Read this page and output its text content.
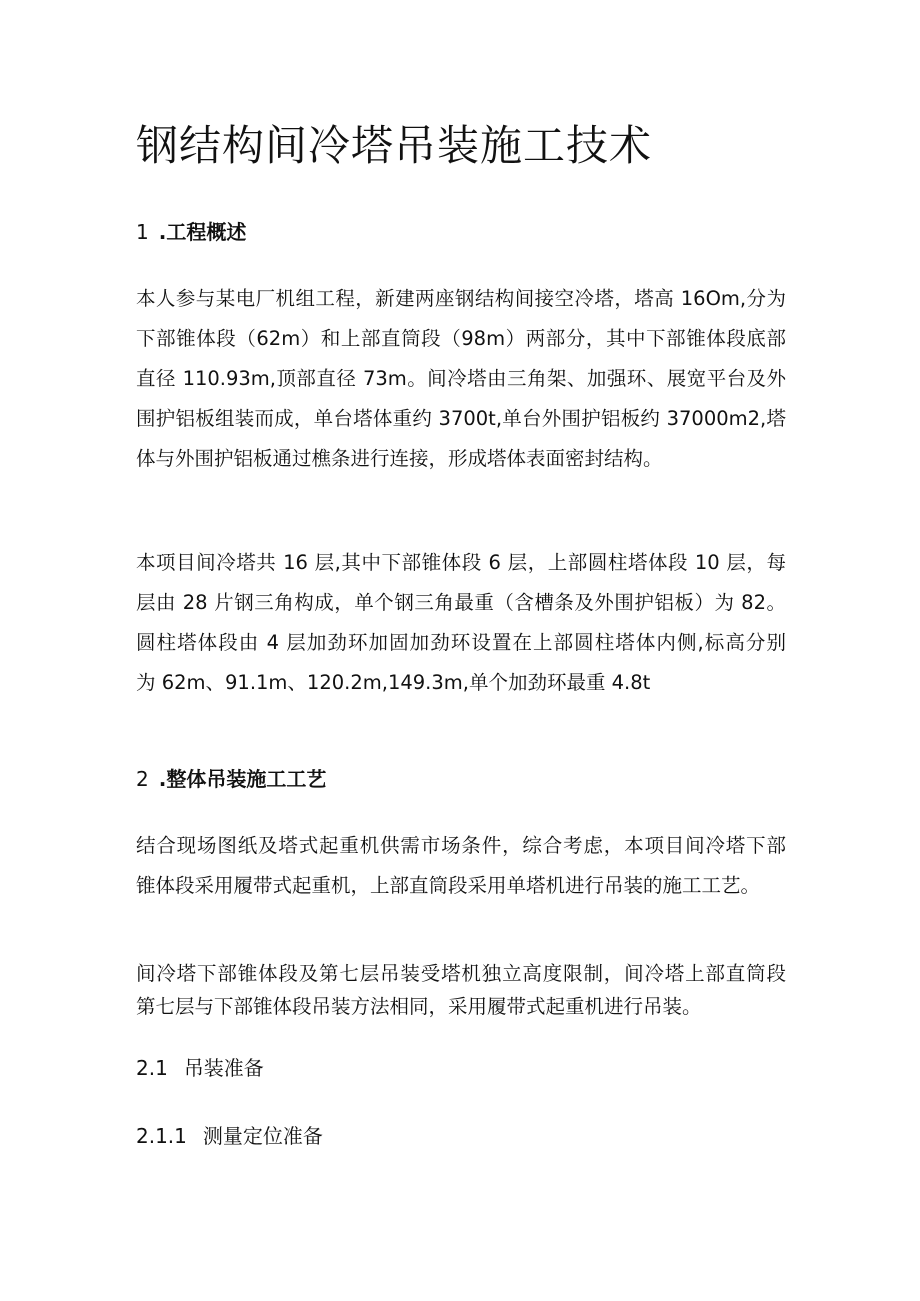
钢结构间冷塔吊装施工技术
1 .工程概述
本人参与某电厂机组工程，新建两座钢结构间接空冷塔，塔高 16Om,分为
下部锥体段（62m）和上部直筒段（98m）两部分，其中下部锥体段底部
直径 110.93m,顶部直径 73m。间冷塔由三角架、加强环、展宽平台及外
围护铝板组装而成，单台塔体重约 3700t,单台外围护铝板约 37000m2,塔
体与外围护铝板通过樵条进行连接，形成塔体表面密封结构。
本项目间冷塔共 16 层,其中下部锥体段 6 层，上部圆柱塔体段 10 层，每
层由 28 片钢三角构成，单个钢三角最重（含槽条及外围护铝板）为 82。
圆柱塔体段由 4 层加劲环加固加劲环设置在上部圆柱塔体内侧,标高分别
为 62m、91.1m、120.2m,149.3m,单个加劲环最重 4.8t
2 .整体吊装施工工艺
结合现场图纸及塔式起重机供需市场条件，综合考虑，本项目间冷塔下部
锥体段采用履带式起重机，上部直筒段采用单塔机进行吊装的施工工艺。
间冷塔下部锥体段及第七层吊装受塔机独立高度限制，间冷塔上部直筒段
第七层与下部锥体段吊装方法相同，采用履带式起重机进行吊装。
2.1 吊装准备
2.1.1 测量定位准备
